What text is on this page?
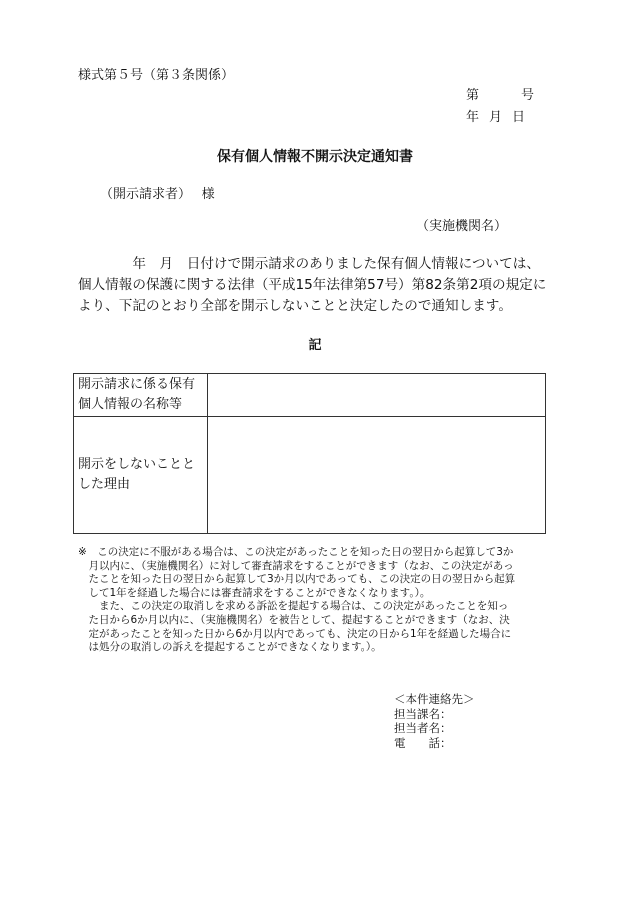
様式第５号（第３条関係）
第	号
年 月 日
保有個人情報不開示決定通知書
（開示請求者）　 様
（実施機関名）

　　　　年　月　日付けで開示請求のありました保有個人情報については、

個人情報の保護に関する法律（平成15年法律第57号）第82条第2項の規定に

より、下記のとおり全部を開示しないことと決定したので通知します。

記
開示請求に係る保有
個人情報の名称等	

開示をしないことと
した理由	

※　この決定に不服がある場合は、この決定があったことを知った日の翌日から起算して3か

　月以内に、（実施機関名）に対して審査請求をすることができます（なお、この決定があっ

　たことを知った日の翌日から起算して3か月以内であっても、この決定の日の翌日から起算

　して1年を経過した場合には審査請求をすることができなくなります。）。

　　また、この決定の取消しを求める訴訟を提起する場合は、この決定があったことを知っ

　た日から6か月以内に、（実施機関名）を被告として、提起することができます（なお、決

　定があったことを知った日から6か月以内であっても、決定の日から1年を経過した場合に

　は処分の取消しの訴えを提起することができなくなります。）。

＜本件連絡先＞
担当課名：
担当者名：
電　　話：
